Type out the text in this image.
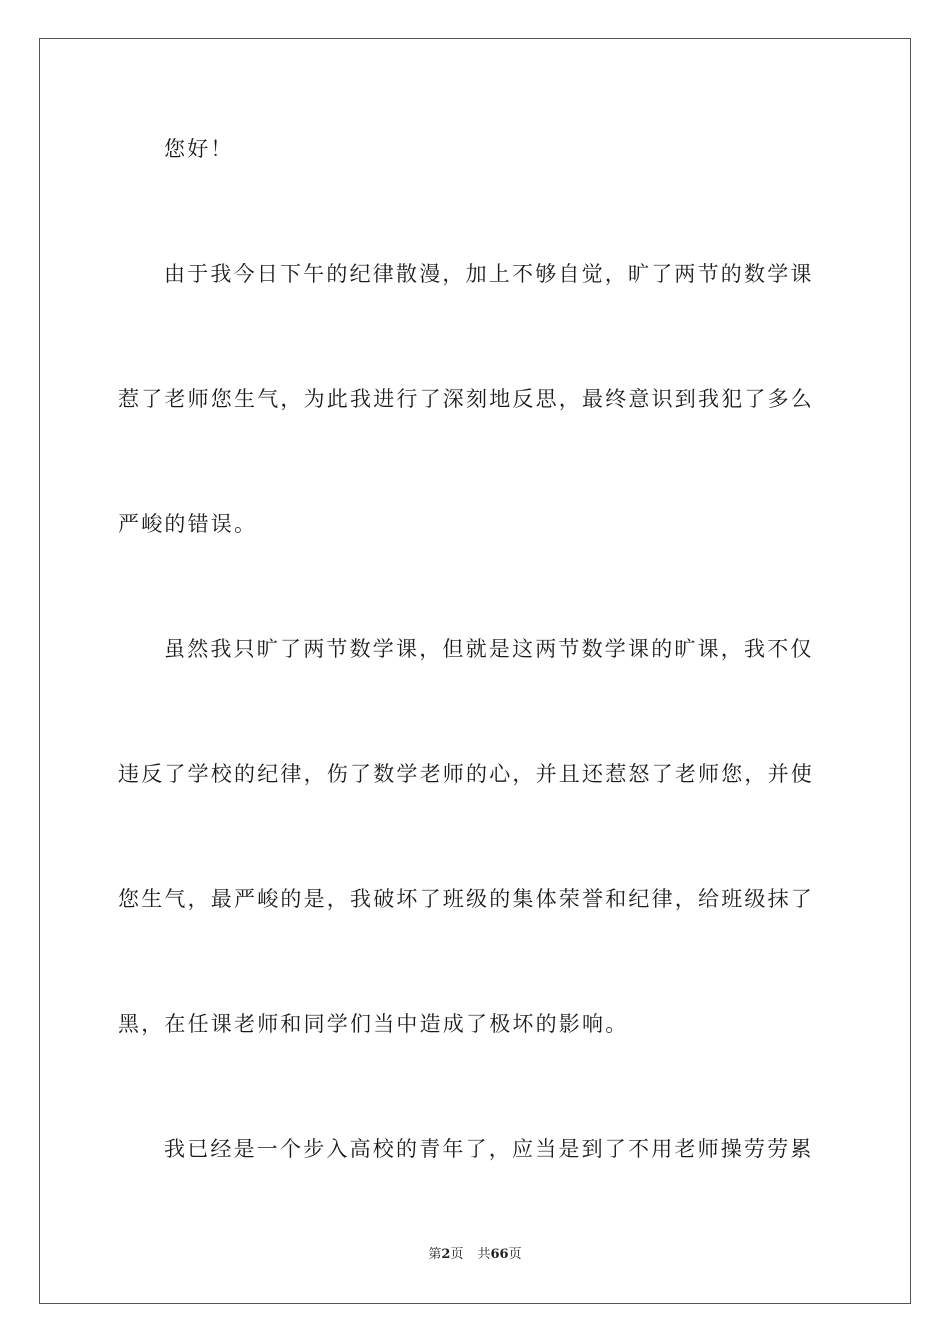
您好！
由于我今日下午的纪律散漫，加上不够自觉，旷了两节的数学课
惹了老师您生气，为此我进行了深刻地反思，最终意识到我犯了多么
严峻的错误。
虽然我只旷了两节数学课，但就是这两节数学课的旷课，我不仅
违反了学校的纪律，伤了数学老师的心，并且还惹怒了老师您，并使
您生气，最严峻的是，我破坏了班级的集体荣誉和纪律，给班级抹了
黑，在任课老师和同学们当中造成了极坏的影响。
我已经是一个步入高校的青年了，应当是到了不用老师操劳劳累
第2页 共66页
